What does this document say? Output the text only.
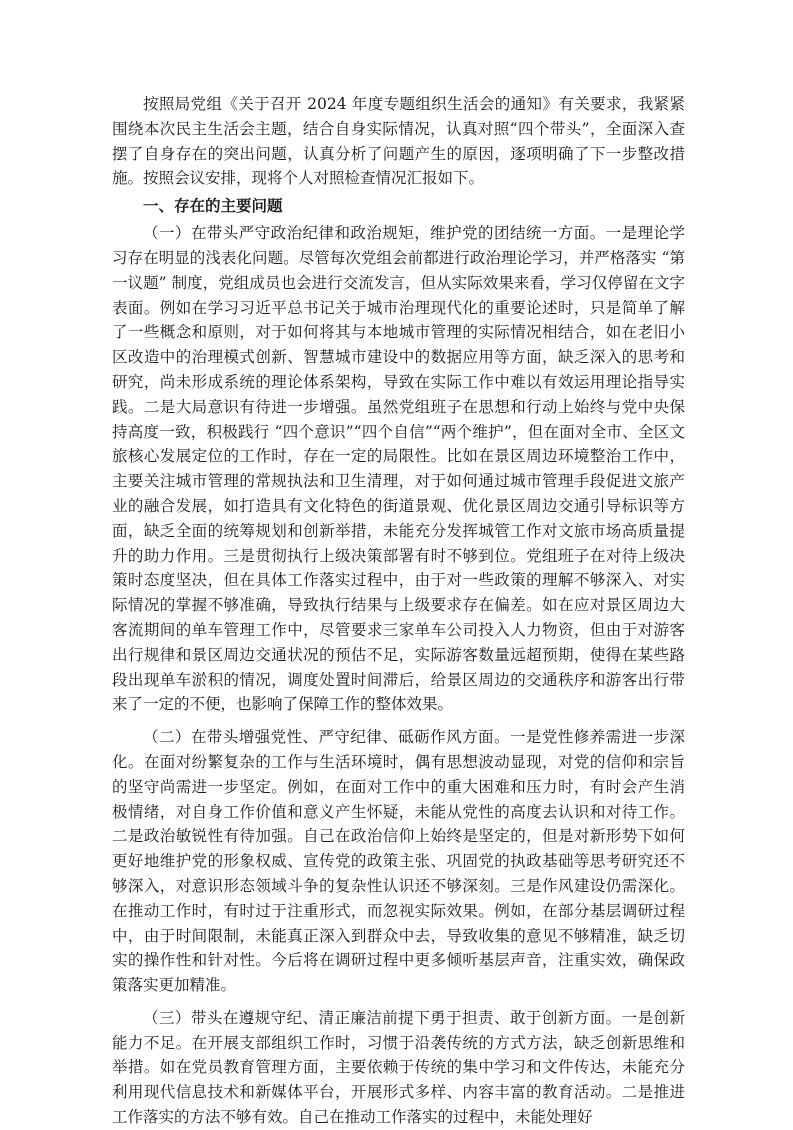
按照局党组《关于召开 2024 年度专题组织生活会的通知》有关要求，我紧紧围绕本次民主生活会主题，结合自身实际情况，认真对照“四个带头”，全面深入查摆了自身存在的突出问题，认真分析了问题产生的原因，逐项明确了下一步整改措施。按照会议安排，现将个人对照检查情况汇报如下。

一、存在的主要问题

（一）在带头严守政治纪律和政治规矩，维护党的团结统一方面。一是理论学习存在明显的浅表化问题。尽管每次党组会前都进行政治理论学习，并严格落实 “第一议题” 制度，党组成员也会进行交流发言，但从实际效果来看，学习仅停留在文字表面。例如在学习习近平总书记关于城市治理现代化的重要论述时，只是简单了解了一些概念和原则，对于如何将其与本地城市管理的实际情况相结合，如在老旧小区改造中的治理模式创新、智慧城市建设中的数据应用等方面，缺乏深入的思考和研究，尚未形成系统的理论体系架构，导致在实际工作中难以有效运用理论指导实践。二是大局意识有待进一步增强。虽然党组班子在思想和行动上始终与党中央保持高度一致，积极践行 “四个意识”“四个自信”“两个维护”，但在面对全市、全区文旅核心发展定位的工作时，存在一定的局限性。比如在景区周边环境整治工作中，主要关注城市管理的常规执法和卫生清理，对于如何通过城市管理手段促进文旅产业的融合发展，如打造具有文化特色的街道景观、优化景区周边交通引导标识等方面，缺乏全面的统筹规划和创新举措，未能充分发挥城管工作对文旅市场高质量提升的助力作用。三是贯彻执行上级决策部署有时不够到位。党组班子在对待上级决策时态度坚决，但在具体工作落实过程中，由于对一些政策的理解不够深入、对实际情况的掌握不够准确，导致执行结果与上级要求存在偏差。如在应对景区周边大客流期间的单车管理工作中，尽管要求三家单车公司投入人力物资，但由于对游客出行规律和景区周边交通状况的预估不足，实际游客数量远超预期，使得在某些路段出现单车淤积的情况，调度处置时间滞后，给景区周边的交通秩序和游客出行带来了一定的不便，也影响了保障工作的整体效果。

（二）在带头增强党性、严守纪律、砥砺作风方面。一是党性修养需进一步深化。在面对纷繁复杂的工作与生活环境时，偶有思想波动显现，对党的信仰和宗旨的坚守尚需进一步坚定。例如，在面对工作中的重大困难和压力时，有时会产生消极情绪，对自身工作价值和意义产生怀疑，未能从党性的高度去认识和对待工作。二是政治敏锐性有待加强。自己在政治信仰上始终是坚定的，但是对新形势下如何更好地维护党的形象权威、宣传党的政策主张、巩固党的执政基础等思考研究还不够深入，对意识形态领域斗争的复杂性认识还不够深刻。三是作风建设仍需深化。在推动工作时，有时过于注重形式，而忽视实际效果。例如，在部分基层调研过程中，由于时间限制，未能真正深入到群众中去，导致收集的意见不够精准，缺乏切实的操作性和针对性。今后将在调研过程中更多倾听基层声音，注重实效，确保政策落实更加精准。

（三）带头在遵规守纪、清正廉洁前提下勇于担责、敢于创新方面。一是创新能力不足。在开展支部组织工作时，习惯于沿袭传统的方式方法，缺乏创新思维和举措。如在党员教育管理方面，主要依赖于传统的集中学习和文件传达，未能充分利用现代信息技术和新媒体平台，开展形式多样、内容丰富的教育活动。二是推进工作落实的方法不够有效。自己在推动工作落实的过程中，未能处理好
